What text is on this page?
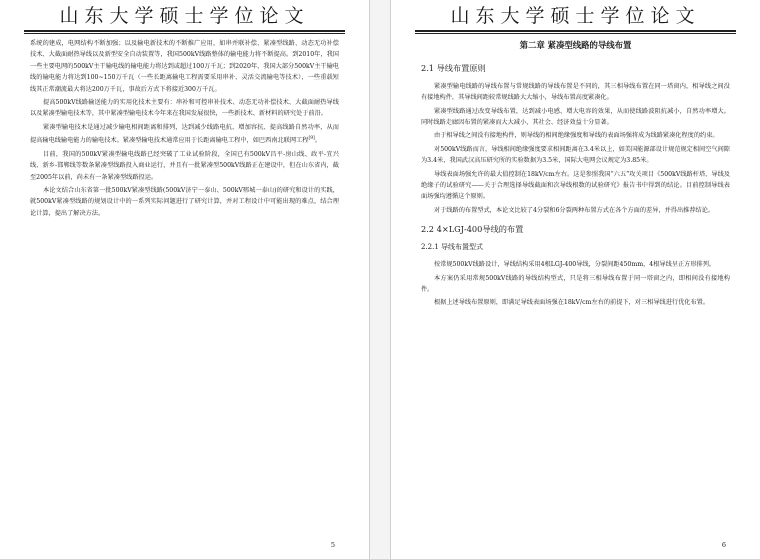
山东大学硕士学位论文

系统的建成，电网结构不断加强；以及输电新技术的不断推广应用，如串并联补偿、紧凑型线路、动态无功补偿技术、大截面耐热导线以及新型安全自动装置等，我国500kV线路整体的输电能力将不断提高。到2010年，我国一些主要电网的500kV主干输电线的输电能力将达到或超过100万千瓦；到2020年，我国大部分500kV主干输电线的输电能力将达到100~150万千瓦（一些长距离输电工程需要采用串补、灵活交流输电等技术），一些重载短线其正常潮流最大将达200万千瓦，事故后方式下将接近300万千瓦。

提高500kV线路输送能力的实用化技术主要有：串补和可控串补技术、动态无功补偿技术、大截面耐热导线以及紧凑型输电技术等，其中紧凑型输电技术今年来在我国发展很快，一些新技术、新材料的研究处于前沿。

紧凑型输电技术是通过减少输电相间距离和排列，达到减少线路电抗、增加容抗、提高线路自然功率，从而提高输电线输电能力的输电技术。紧凑型输电技术通常应用于长距离输电工程中，如巴西南北联网工程[9]。

目前，我国的500kV紧凑型输电线路已经突破了工业试验阶段，全国已有500kV昌平-房山线、政平-宜兴线、新乡-邯郸线等数条紧凑型线路投入商业运行，并且有一批紧凑型500kV线路正在建设中，但在山东省内，截至2005年以前，尚未有一条紧凑型线路投运。

本论文结合山东省第一批500kV紧凑型线路(500kV济宁一泰山、500kV郓城一泰山)的研究和设计的实践，就500kV紧凑型线路的规划设计中的一系列实际问题进行了研究计算，并对工程设计中可能出现的难点，结合理论计算，提出了解决方法。

5
山东大学硕士学位论文
第二章 紧凑型线路的导线布置
2.1 导线布置原则

紧凑型输电线路的导线布置与常规线路的导线布置是不同的，其三相导线布置在同一塔窗内，相导线之间没有接地构件，其导线间距较常规线路大大缩小，导线布置高度紧凑化。

紧凑型线路通过改变导线布置，达到减小电感、增大电容的效果，从而使线路波阻抗减小，自然功率增大。同时线路走廊因布置的紧凑而大大减小，其社会、经济效益十分显著。

由于相导线之间没有接地构件，则导线的相间绝缘强度和导线的表面场强将成为线路紧凑化程度的约束。

对500kV线路而言，导线相间绝缘强度要求相间距离在3.4米以上，如美国能源部设计规范规定相间空气间隙为3.4米，我国武汉高压研究所的实验数据为3.5米，国际大电网会议规定为3.85米。

导线表面场强允许的最大值控制在18kV/cm左右。这是参照我国“六五”攻关项目《500kV线路杆塔、导线及绝缘子的试验研究——关于合理选择导线截面和次导线根数的试验研究》报告书中得到的结论。目前控制导线表面场强均遵循这个原则。

对于线路的布置型式，本论文比较了4分裂和6分裂两种布置方式在各个方面的差异，并得出推荐结论。

2.2 4×LGJ-400导线的布置
2.2.1 导线布置型式

按常规500kV线路设计，导线结构采用4根LGJ-400导线，分裂间距450mm，4根导线呈正方形排列。

本方案仍采用常规500kV线路的导线结构型式，只是将三相导线布置于同一塔窗之内，即相间没有接地构件。

根据上述导线布置原则，即满足导线表面场强在18kV/cm左右的前提下，对三相导线进行优化布置。

6
